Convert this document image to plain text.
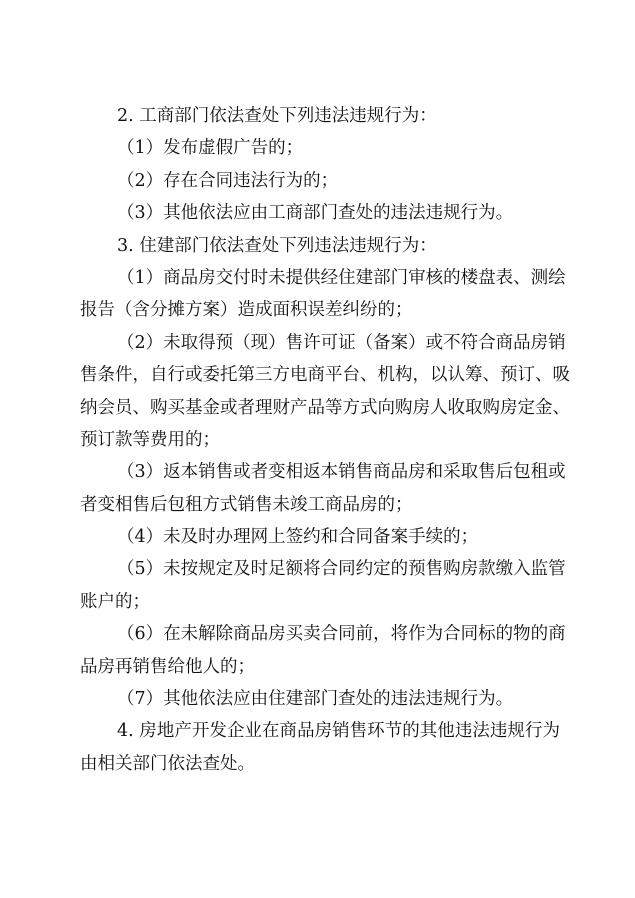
2. 工商部门依法查处下列违法违规行为：
（1）发布虚假广告的；
（2）存在合同违法行为的；
（3）其他依法应由工商部门查处的违法违规行为。
3. 住建部门依法查处下列违法违规行为：
（1）商品房交付时未提供经住建部门审核的楼盘表、测绘
报告（含分摊方案）造成面积误差纠纷的；
（2）未取得预（现）售许可证（备案）或不符合商品房销
售条件，自行或委托第三方电商平台、机构，以认筹、预订、吸
纳会员、购买基金或者理财产品等方式向购房人收取购房定金、
预订款等费用的；
（3）返本销售或者变相返本销售商品房和采取售后包租或
者变相售后包租方式销售未竣工商品房的；
（4）未及时办理网上签约和合同备案手续的；
（5）未按规定及时足额将合同约定的预售购房款缴入监管
账户的；
（6）在未解除商品房买卖合同前，将作为合同标的物的商
品房再销售给他人的；
（7）其他依法应由住建部门查处的违法违规行为。
4. 房地产开发企业在商品房销售环节的其他违法违规行为
由相关部门依法查处。
